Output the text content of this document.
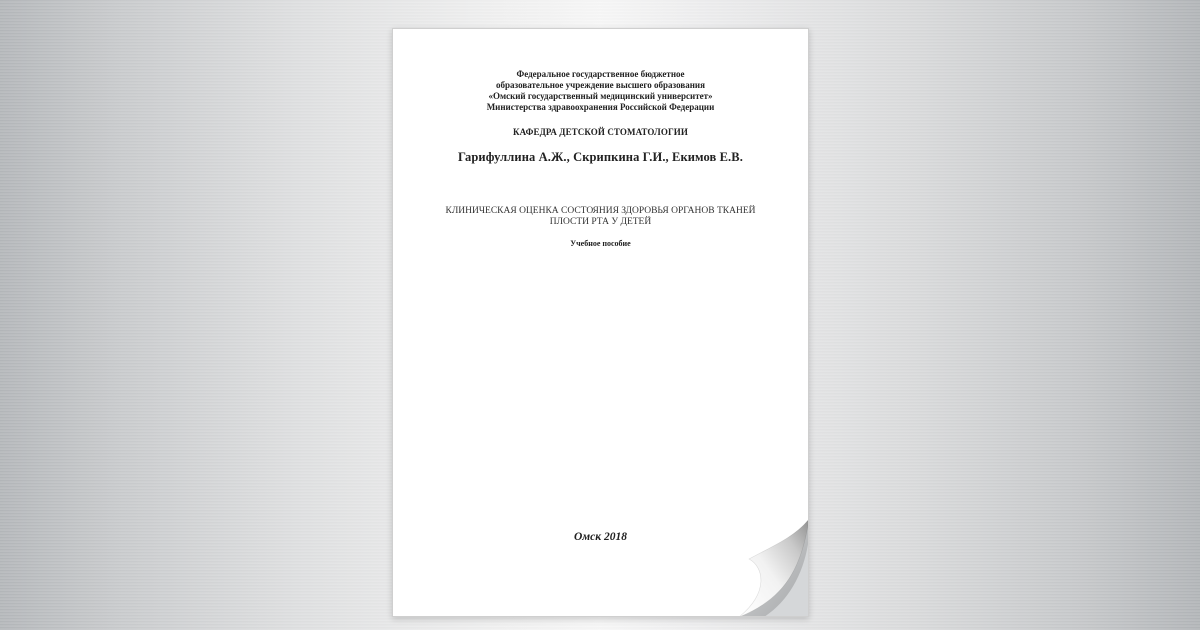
Федеральное государственное бюджетное
образовательное учреждение высшего образования
«Омский государственный медицинский университет»
Министерства здравоохранения Российской Федерации
КАФЕДРА ДЕТСКОЙ СТОМАТОЛОГИИ
Гарифуллина А.Ж., Скрипкина Г.И., Екимов Е.В.
КЛИНИЧЕСКАЯ ОЦЕНКА СОСТОЯНИЯ ЗДОРОВЬЯ ОРГАНОВ ТКАНЕЙ
ПЛОСТИ РТА У ДЕТЕЙ
Учебное пособие
Омск 2018
